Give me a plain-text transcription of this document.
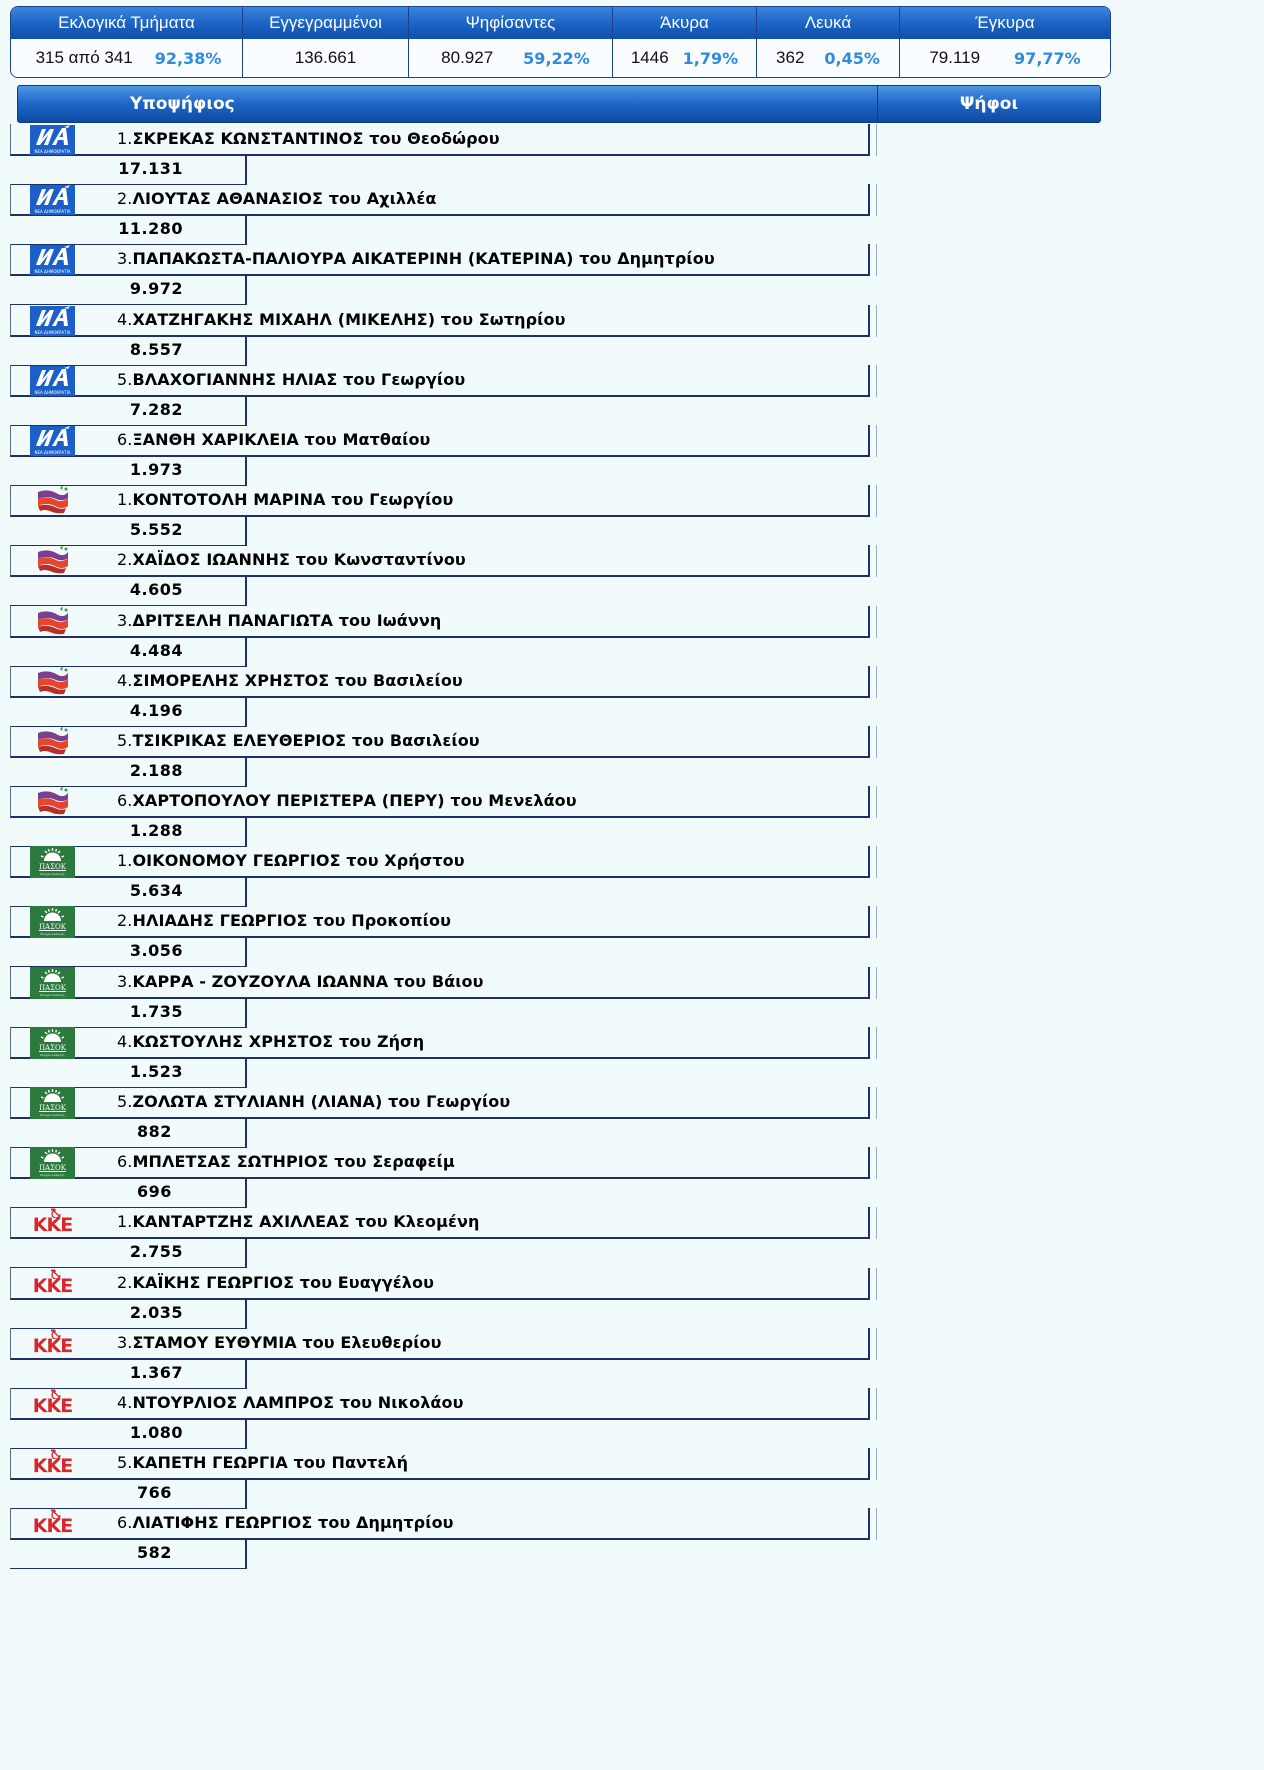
Εκλογικά Τμήματα
315 από 341 92,38%
Εγγεγραμμένοι
136.661
Ψηφίσαντες
80.927 59,22%
Άκυρα
1446 1,79%
Λευκά
362 0,45%
Έγκυρα
79.119 97,77%
Υποψήφιος	Ψήφοι
ΝΕΑ ΔΗΜΟΚΡΑΤΙΑ
1.ΣΚΡΕΚΑΣ ΚΩΝΣΤΑΝΤΙΝΟΣ του Θεοδώρου
17.131
ΝΕΑ ΔΗΜΟΚΡΑΤΙΑ
2.ΛΙΟΥΤΑΣ ΑΘΑΝΑΣΙΟΣ του Αχιλλέα
11.280
ΝΕΑ ΔΗΜΟΚΡΑΤΙΑ
3.ΠΑΠΑΚΩΣΤΑ-ΠΑΛΙΟΥΡΑ ΑΙΚΑΤΕΡΙΝΗ (ΚΑΤΕΡΙΝΑ) του Δημητρίου
9.972
ΝΕΑ ΔΗΜΟΚΡΑΤΙΑ
4.ΧΑΤΖΗΓΑΚΗΣ ΜΙΧΑΗΛ (ΜΙΚΕΛΗΣ) του Σωτηρίου
8.557
ΝΕΑ ΔΗΜΟΚΡΑΤΙΑ
5.ΒΛΑΧΟΓΙΑΝΝΗΣ ΗΛΙΑΣ του Γεωργίου
7.282
ΝΕΑ ΔΗΜΟΚΡΑΤΙΑ
6.ΞΑΝΘΗ ΧΑΡΙΚΛΕΙΑ του Ματθαίου
1.973
1.ΚΟΝΤΟΤΟΛΗ ΜΑΡΙΝΑ του Γεωργίου
5.552
2.ΧΑΪΔΟΣ ΙΩΑΝΝΗΣ του Κωνσταντίνου
4.605
3.ΔΡΙΤΣΕΛΗ ΠΑΝΑΓΙΩΤΑ του Ιωάννη
4.484
4.ΣΙΜΟΡΕΛΗΣ ΧΡΗΣΤΟΣ του Βασιλείου
4.196
5.ΤΣΙΚΡΙΚΑΣ ΕΛΕΥΘΕΡΙΟΣ του Βασιλείου
2.188
6.ΧΑΡΤΟΠΟΥΛΟΥ ΠΕΡΙΣΤΕΡΑ (ΠΕΡΥ) του Μενελάου
1.288
ΠΑΣΟΚ
Κίνημα Αλλαγής
1.ΟΙΚΟΝΟΜΟΥ ΓΕΩΡΓΙΟΣ του Χρήστου
5.634
ΠΑΣΟΚ
Κίνημα Αλλαγής
2.ΗΛΙΑΔΗΣ ΓΕΩΡΓΙΟΣ του Προκοπίου
3.056
ΠΑΣΟΚ
Κίνημα Αλλαγής
3.ΚΑΡΡΑ - ΖΟΥΖΟΥΛΑ ΙΩΑΝΝΑ του Βάιου
1.735
ΠΑΣΟΚ
Κίνημα Αλλαγής
4.ΚΩΣΤΟΥΛΗΣ ΧΡΗΣΤΟΣ του Ζήση
1.523
ΠΑΣΟΚ
Κίνημα Αλλαγής
5.ΖΟΛΩΤΑ ΣΤΥΛΙΑΝΗ (ΛΙΑΝΑ) του Γεωργίου
882
ΠΑΣΟΚ
Κίνημα Αλλαγής
6.ΜΠΛΕΤΣΑΣ ΣΩΤΗΡΙΟΣ του Σεραφείμ
696
ΚΚΕ	1.ΚΑΝΤΑΡΤΖΗΣ ΑΧΙΛΛΕΑΣ του Κλεομένη
2.755
ΚΚΕ	2.ΚΑΪΚΗΣ ΓΕΩΡΓΙΟΣ του Ευαγγέλου
2.035
ΚΚΕ	3.ΣΤΑΜΟΥ ΕΥΘΥΜΙΑ του Ελευθερίου
1.367
ΚΚΕ	4.ΝΤΟΥΡΛΙΟΣ ΛΑΜΠΡΟΣ του Νικολάου
1.080
ΚΚΕ	5.ΚΑΠΕΤΗ ΓΕΩΡΓΙΑ του Παντελή
766
ΚΚΕ	6.ΛΙΑΤΙΦΗΣ ΓΕΩΡΓΙΟΣ του Δημητρίου
582
